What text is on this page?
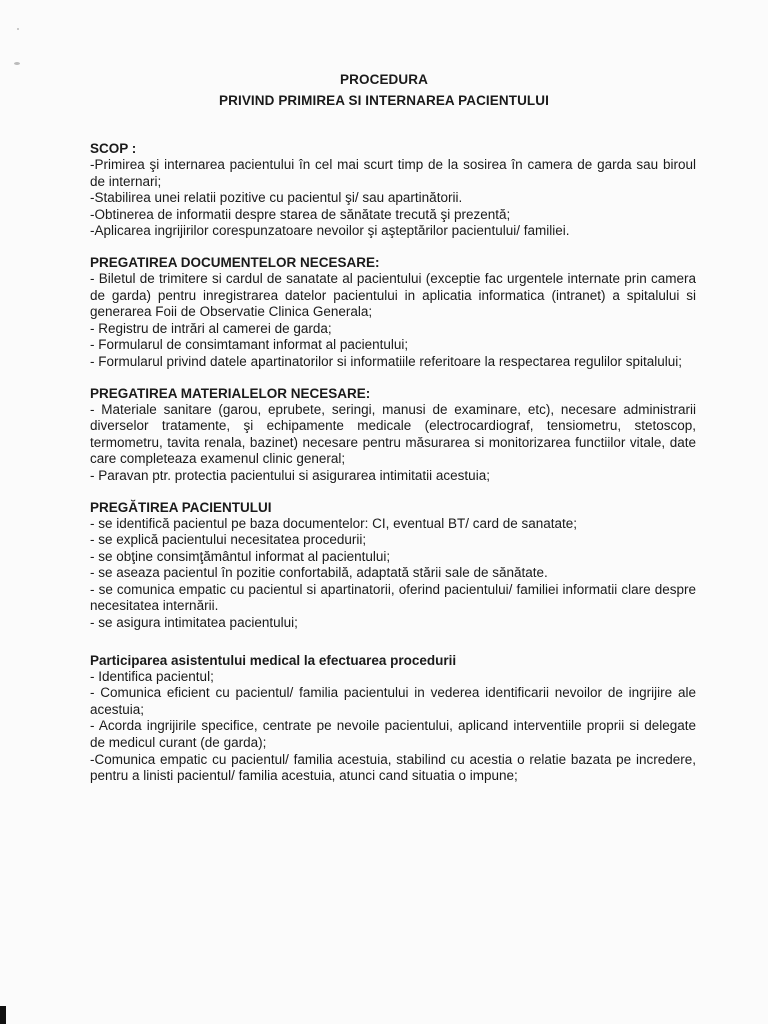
PROCEDURA
PRIVIND PRIMIREA SI INTERNAREA PACIENTULUI

SCOP :

-Primirea şi internarea pacientului în cel mai scurt timp de la sosirea în camera de garda sau biroul de internari;

-Stabilirea unei relatii pozitive cu pacientul şi/ sau apartinătorii.

-Obtinerea de informatii despre starea de sănătate trecută şi prezentă;

-Aplicarea ingrijirilor corespunzatoare nevoilor şi aşteptărilor pacientului/ familiei.

PREGATIREA DOCUMENTELOR NECESARE:

- Biletul de trimitere si cardul de sanatate al pacientului (exceptie fac urgentele internate prin camera de garda) pentru inregistrarea datelor pacientului in aplicatia informatica (intranet) a spitalului si generarea Foii de Observatie Clinica Generala;

- Registru de intrări al camerei de garda;

- Formularul de consimtamant informat al pacientului;

- Formularul privind datele apartinatorilor si informatiile referitoare la respectarea regulilor spitalului;

PREGATIREA MATERIALELOR NECESARE:

- Materiale sanitare (garou, eprubete, seringi, manusi de examinare, etc), necesare administrarii diverselor tratamente, şi echipamente medicale (electrocardiograf, tensiometru, stetoscop, termometru, tavita renala, bazinet) necesare pentru măsurarea si monitorizarea functiilor vitale, date care completeaza examenul clinic general;

- Paravan ptr. protectia pacientului si asigurarea intimitatii acestuia;

PREGĂTIREA PACIENTULUI

- se identifică pacientul pe baza documentelor: CI, eventual BT/ card de sanatate;

- se explică pacientului necesitatea procedurii;

- se obţine consimţământul informat al pacientului;

- se aseaza pacientul în pozitie confortabilă, adaptată stării sale de sănătate.

- se comunica empatic cu pacientul si apartinatorii, oferind pacientului/ familiei informatii clare despre necesitatea internării.

- se asigura intimitatea pacientului;

Participarea asistentului medical la efectuarea procedurii

- Identifica pacientul;

- Comunica eficient cu pacientul/ familia pacientului in vederea identificarii nevoilor de ingrijire ale acestuia;

- Acorda ingrijirile specifice, centrate pe nevoile pacientului, aplicand interventiile proprii si delegate de medicul curant (de garda);

-Comunica empatic cu pacientul/ familia acestuia, stabilind cu acestia o relatie bazata pe incredere, pentru a linisti pacientul/ familia acestuia, atunci cand situatia o impune;
